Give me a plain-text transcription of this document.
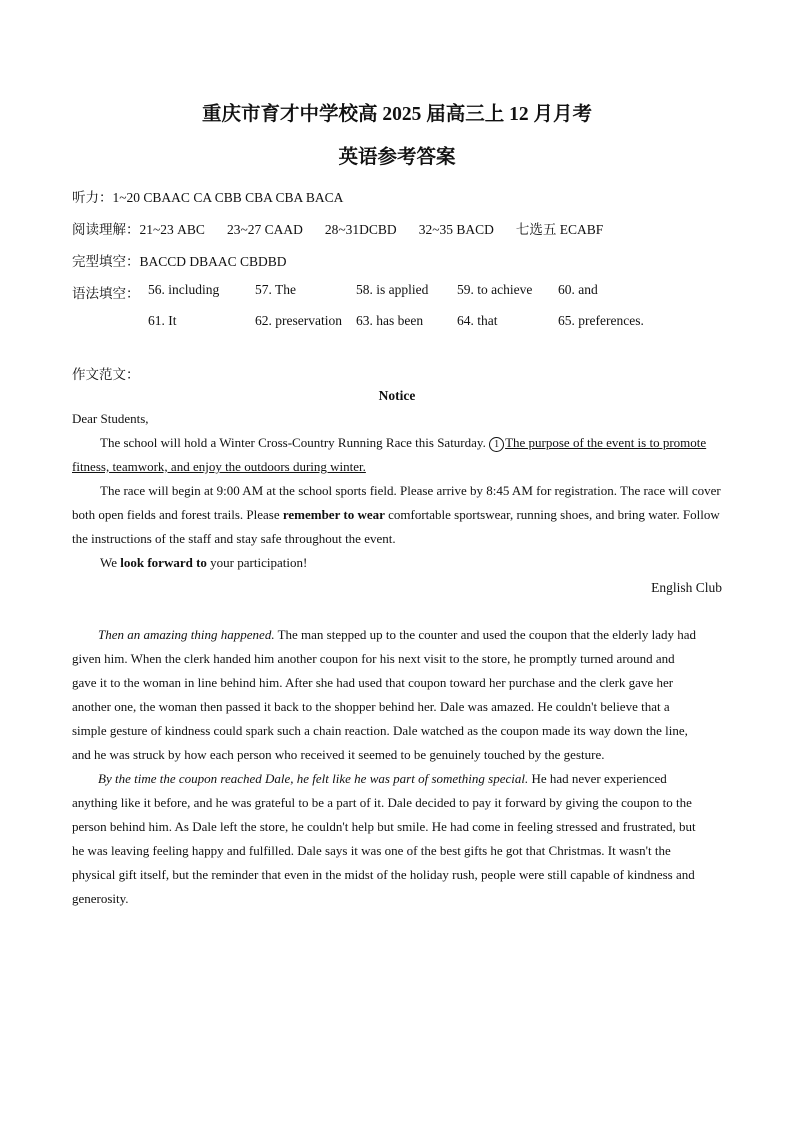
重庆市育才中学校高 2025 届高三上 12 月月考
英语参考答案
听力：1~20 CBAAC CA CBB CBA CBA BACA
阅读理解：21~23 ABC 23~27 CAAD 28~31DCBD 32~35 BACD 七选五 ECABF
完型填空：BACCD DBAAC CBDBD
语法填空： 56. including	57. The	58. is applied 59. to achieve 60. and
61. It	62. preservation 63. has been	64. that	65. preferences.
作文范文：
Notice
Dear Students,
The school will hold a Winter Cross-Country Running Race this Saturday. 1 The purpose of the event is to promote fitness, teamwork, and enjoy the outdoors during winter.
The race will begin at 9:00 AM at the school sports field. Please arrive by 8:45 AM for registration. The race will cover both open fields and forest trails. Please remember to wear comfortable sportswear, running shoes, and bring water. Follow the instructions of the staff and stay safe throughout the event.
We look forward to your participation!
English Club
Then an amazing thing happened. The man stepped up to the counter and used the coupon that the elderly lady had given him. When the clerk handed him another coupon for his next visit to the store, he promptly turned around and gave it to the woman in line behind him. After she had used that coupon toward her purchase and the clerk gave her another one, the woman then passed it back to the shopper behind her. Dale was amazed. He couldn't believe that a simple gesture of kindness could spark such a chain reaction. Dale watched as the coupon made its way down the line, and he was struck by how each person who received it seemed to be genuinely touched by the gesture.
By the time the coupon reached Dale, he felt like he was part of something special. He had never experienced anything like it before, and he was grateful to be a part of it. Dale decided to pay it forward by giving the coupon to the person behind him. As Dale left the store, he couldn't help but smile. He had come in feeling stressed and frustrated, but he was leaving feeling happy and fulfilled. Dale says it was one of the best gifts he got that Christmas. It wasn't the physical gift itself, but the reminder that even in the midst of the holiday rush, people were still capable of kindness and generosity.
